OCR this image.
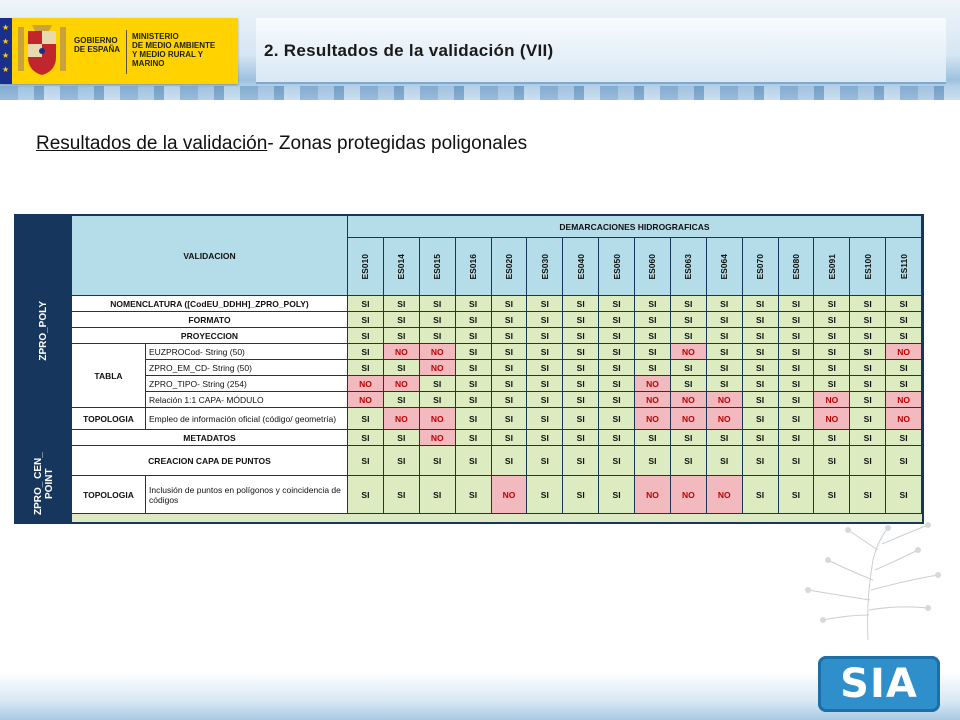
★
★
★
★
GOBIERNO
DE ESPAÑA
MINISTERIO
DE MEDIO AMBIENTE
Y MEDIO RURAL Y MARINO
2. Resultados de la validación (VII)
Resultados de la validación- Zonas protegidas poligonales
ZPRO_POLY
ZPRO_ CEN_ POINT
VALIDACION
DEMARCACIONES HIDROGRAFICAS
ES010	ES014	ES015	ES016	ES020	ES030	ES040	ES050	ES060	ES063	ES064	ES070	ES080	ES091	ES100	ES110
TABLA
TOPOLOGIA
TOPOLOGIA
NOMENCLATURA ([CodEU_DDHH]_ZPRO_POLY)	SI	SI	SI	SI	SI	SI	SI	SI	SI	SI	SI	SI	SI	SI	SI	SI
FORMATO	SI	SI	SI	SI	SI	SI	SI	SI	SI	SI	SI	SI	SI	SI	SI	SI
PROYECCION	SI	SI	SI	SI	SI	SI	SI	SI	SI	SI	SI	SI	SI	SI	SI	SI
EUZPROCod- String (50)	SI	NO	NO	SI	SI	SI	SI	SI	SI	NO	SI	SI	SI	SI	SI	NO
ZPRO_EM_CD- String (50)	SI	SI	NO	SI	SI	SI	SI	SI	SI	SI	SI	SI	SI	SI	SI	SI
ZPRO_TIPO- String (254)	NO	NO	SI	SI	SI	SI	SI	SI	NO	SI	SI	SI	SI	SI	SI	SI
Relación 1:1 CAPA- MÓDULO	NO	SI	SI	SI	SI	SI	SI	SI	NO	NO	NO	SI	SI	NO	SI	NO
Empleo de información oficial (código/ geometría)	SI	NO	NO	SI	SI	SI	SI	SI	NO	NO	NO	SI	SI	NO	SI	NO
METADATOS	SI	SI	NO	SI	SI	SI	SI	SI	SI	SI	SI	SI	SI	SI	SI	SI
CREACION CAPA DE PUNTOS	SI	SI	SI	SI	SI	SI	SI	SI	SI	SI	SI	SI	SI	SI	SI	SI
Inclusión de puntos en polígonos y coincidencia de códigos	SI	SI	SI	SI	NO	SI	SI	SI	NO	NO	NO	SI	SI	SI	SI	SI
SIA
